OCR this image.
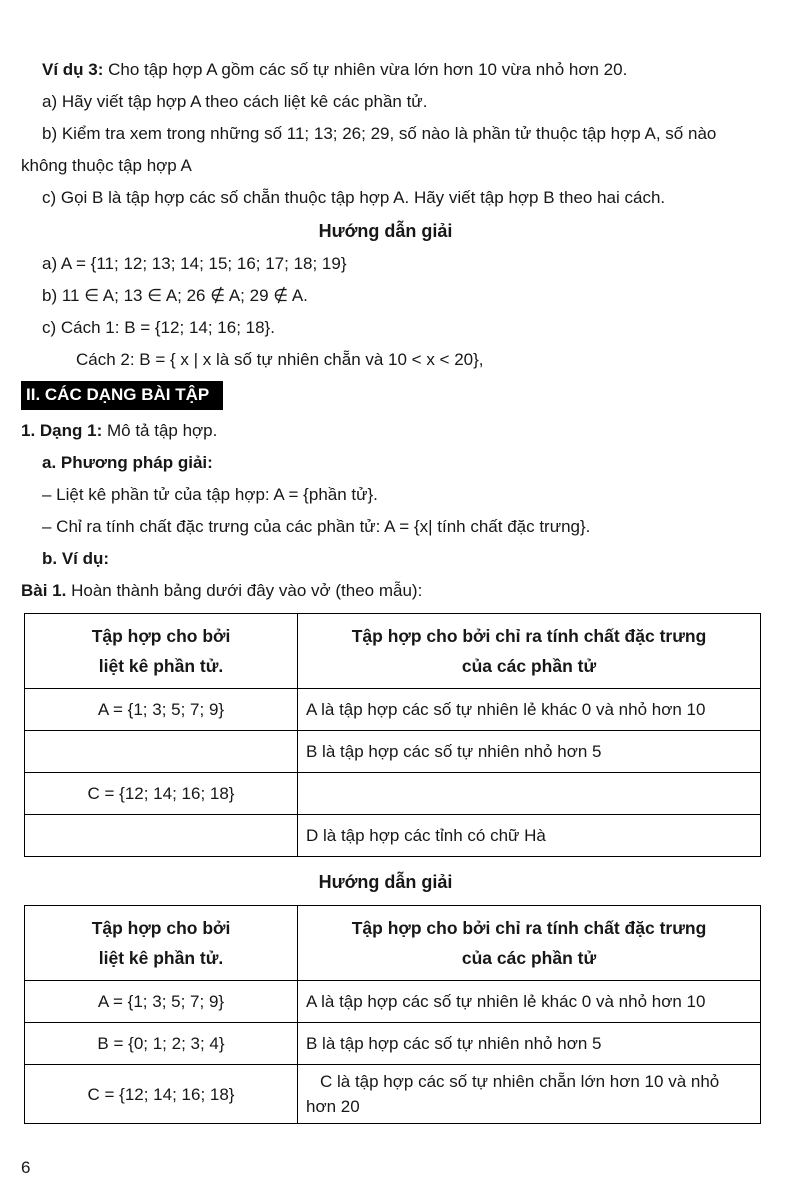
Ví dụ 3: Cho tập hợp A gồm các số tự nhiên vừa lớn hơn 10 vừa nhỏ hơn 20.

a) Hãy viết tập hợp A theo cách liệt kê các phần tử.

b) Kiểm tra xem trong những số 11; 13; 26; 29, số nào là phần tử thuộc tập hợp A, số nào không thuộc tập hợp A

c) Gọi B là tập hợp các số chẵn thuộc tập hợp A. Hãy viết tập hợp B theo hai cách.

Hướng dẫn giải

a) A = {11; 12; 13; 14; 15; 16; 17; 18; 19}

b) 11 ∈ A; 13 ∈ A; 26 ∉ A; 29 ∉ A.

c) Cách 1: B = {12; 14; 16; 18}.

Cách 2: B = { x | x là số tự nhiên chẵn và 10 < x < 20},

II. CÁC DẠNG BÀI TẬP

1. Dạng 1: Mô tả tập hợp.

a. Phương pháp giải:

– Liệt kê phần tử của tập hợp: A = {phần tử}.

– Chỉ ra tính chất đặc trưng của các phần tử: A = {x| tính chất đặc trưng}.

b. Ví dụ:

Bài 1. Hoàn thành bảng dưới đây vào vở (theo mẫu):

Tập hợp cho bởi
liệt kê phần tử.	Tập hợp cho bởi chỉ ra tính chất đặc trưng
của các phần tử

A = {1; 3; 5; 7; 9}	A là tập hợp các số tự nhiên lẻ khác 0 và nhỏ hơn 10
	B là tập hợp các số tự nhiên nhỏ hơn 5
C = {12; 14; 16; 18}	
	D là tập hợp các tỉnh có chữ Hà

Hướng dẫn giải

Tập hợp cho bởi
liệt kê phần tử.	Tập hợp cho bởi chỉ ra tính chất đặc trưng
của các phần tử

A = {1; 3; 5; 7; 9}	A là tập hợp các số tự nhiên lẻ khác 0 và nhỏ hơn 10
B = {0; 1; 2; 3; 4}	B là tập hợp các số tự nhiên nhỏ hơn 5
C = {12; 14; 16; 18}	C là tập hợp các số tự nhiên chẵn lớn hơn 10 và nhỏ hơn 20
6
